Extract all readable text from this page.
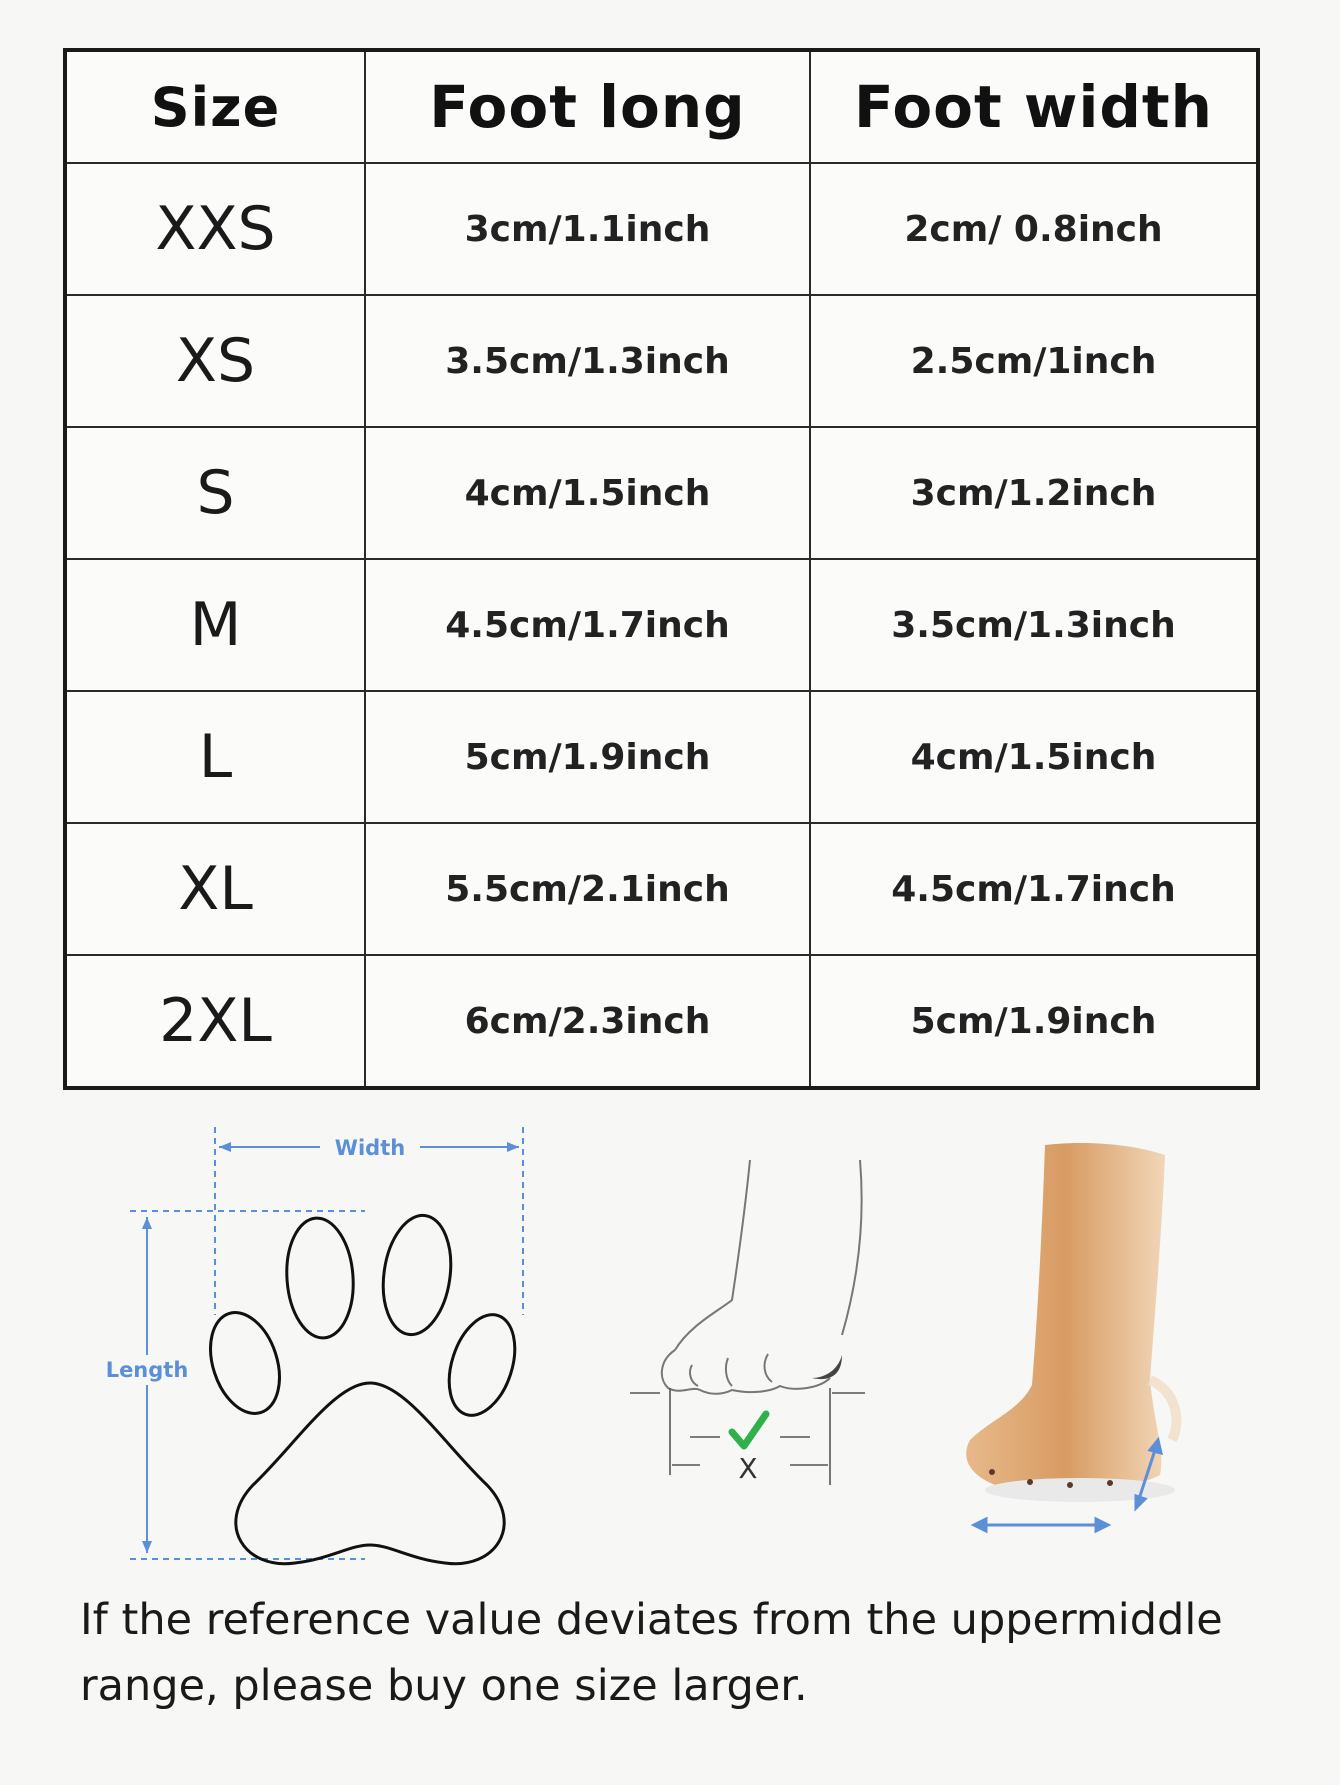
Size	Foot long	Foot width
XXS	3cm/1.1inch	2cm/ 0.8inch
XS	3.5cm/1.3inch	2.5cm/1inch
S	4cm/1.5inch	3cm/1.2inch
M	4.5cm/1.7inch	3.5cm/1.3inch
L	5cm/1.9inch	4cm/1.5inch
XL	5.5cm/2.1inch	4.5cm/1.7inch
2XL	6cm/2.3inch	5cm/1.9inch
Width
Length
X

If the reference value deviates from the uppermiddle range, please buy one size larger.
